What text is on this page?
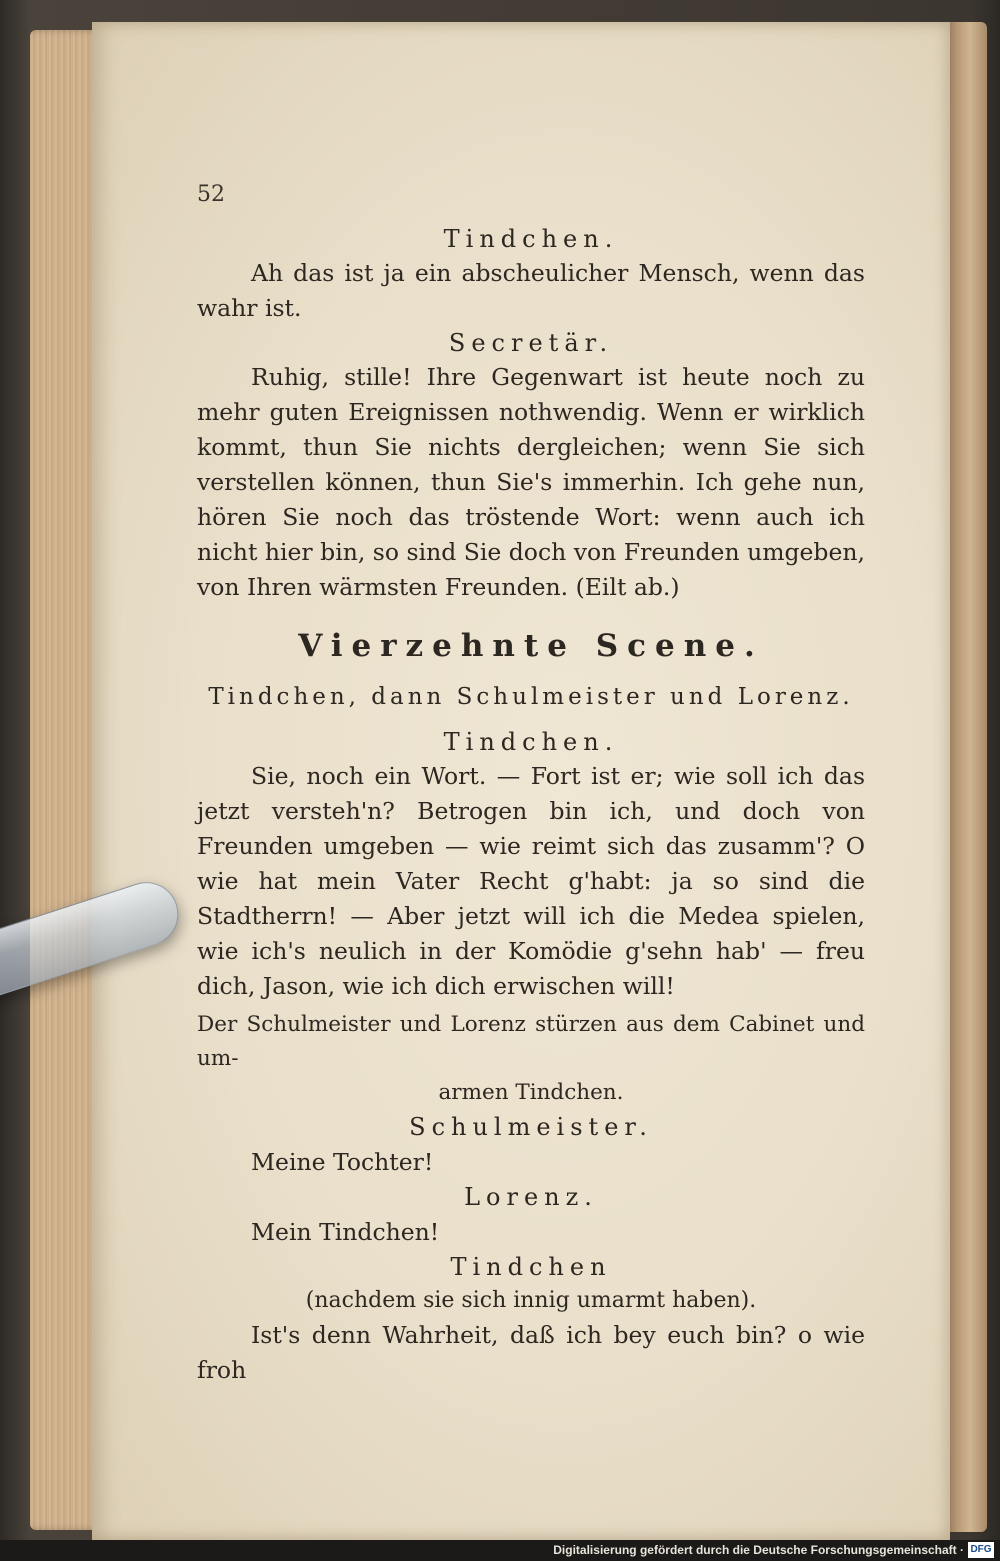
52

Tindchen.

Ah das ist ja ein abscheulicher Mensch, wenn das wahr ist.

Secretär.

Ruhig, stille! Ihre Gegenwart ist heute noch zu mehr guten Ereignissen nothwendig. Wenn er wirklich kommt, thun Sie nichts dergleichen; wenn Sie sich verstellen können, thun Sie's immerhin. Ich gehe nun, hören Sie noch das tröstende Wort: wenn auch ich nicht hier bin, so sind Sie doch von Freunden umgeben, von Ihren wärmsten Freunden. (Eilt ab.)

Vierzehnte Scene.

Tindchen, dann Schulmeister und Lorenz.

Tindchen.

Sie, noch ein Wort. — Fort ist er; wie soll ich das jetzt versteh'n? Betrogen bin ich, und doch von Freunden umgeben — wie reimt sich das zusamm'? O wie hat mein Vater Recht g'habt: ja so sind die Stadtherrn! — Aber jetzt will ich die Medea spielen, wie ich's neulich in der Komödie g'sehn hab' — freu dich, Jason, wie ich dich erwischen will!

Der Schulmeister und Lorenz stürzen aus dem Cabinet und um-

armen Tindchen.

Schulmeister.

Meine Tochter!

Lorenz.

Mein Tindchen!

Tindchen

(nachdem sie sich innig umarmt haben).

Ist's denn Wahrheit, daß ich bey euch bin? o wie froh

Digitalisierung gefördert durch die Deutsche Forschungsgemeinschaft · DFG
